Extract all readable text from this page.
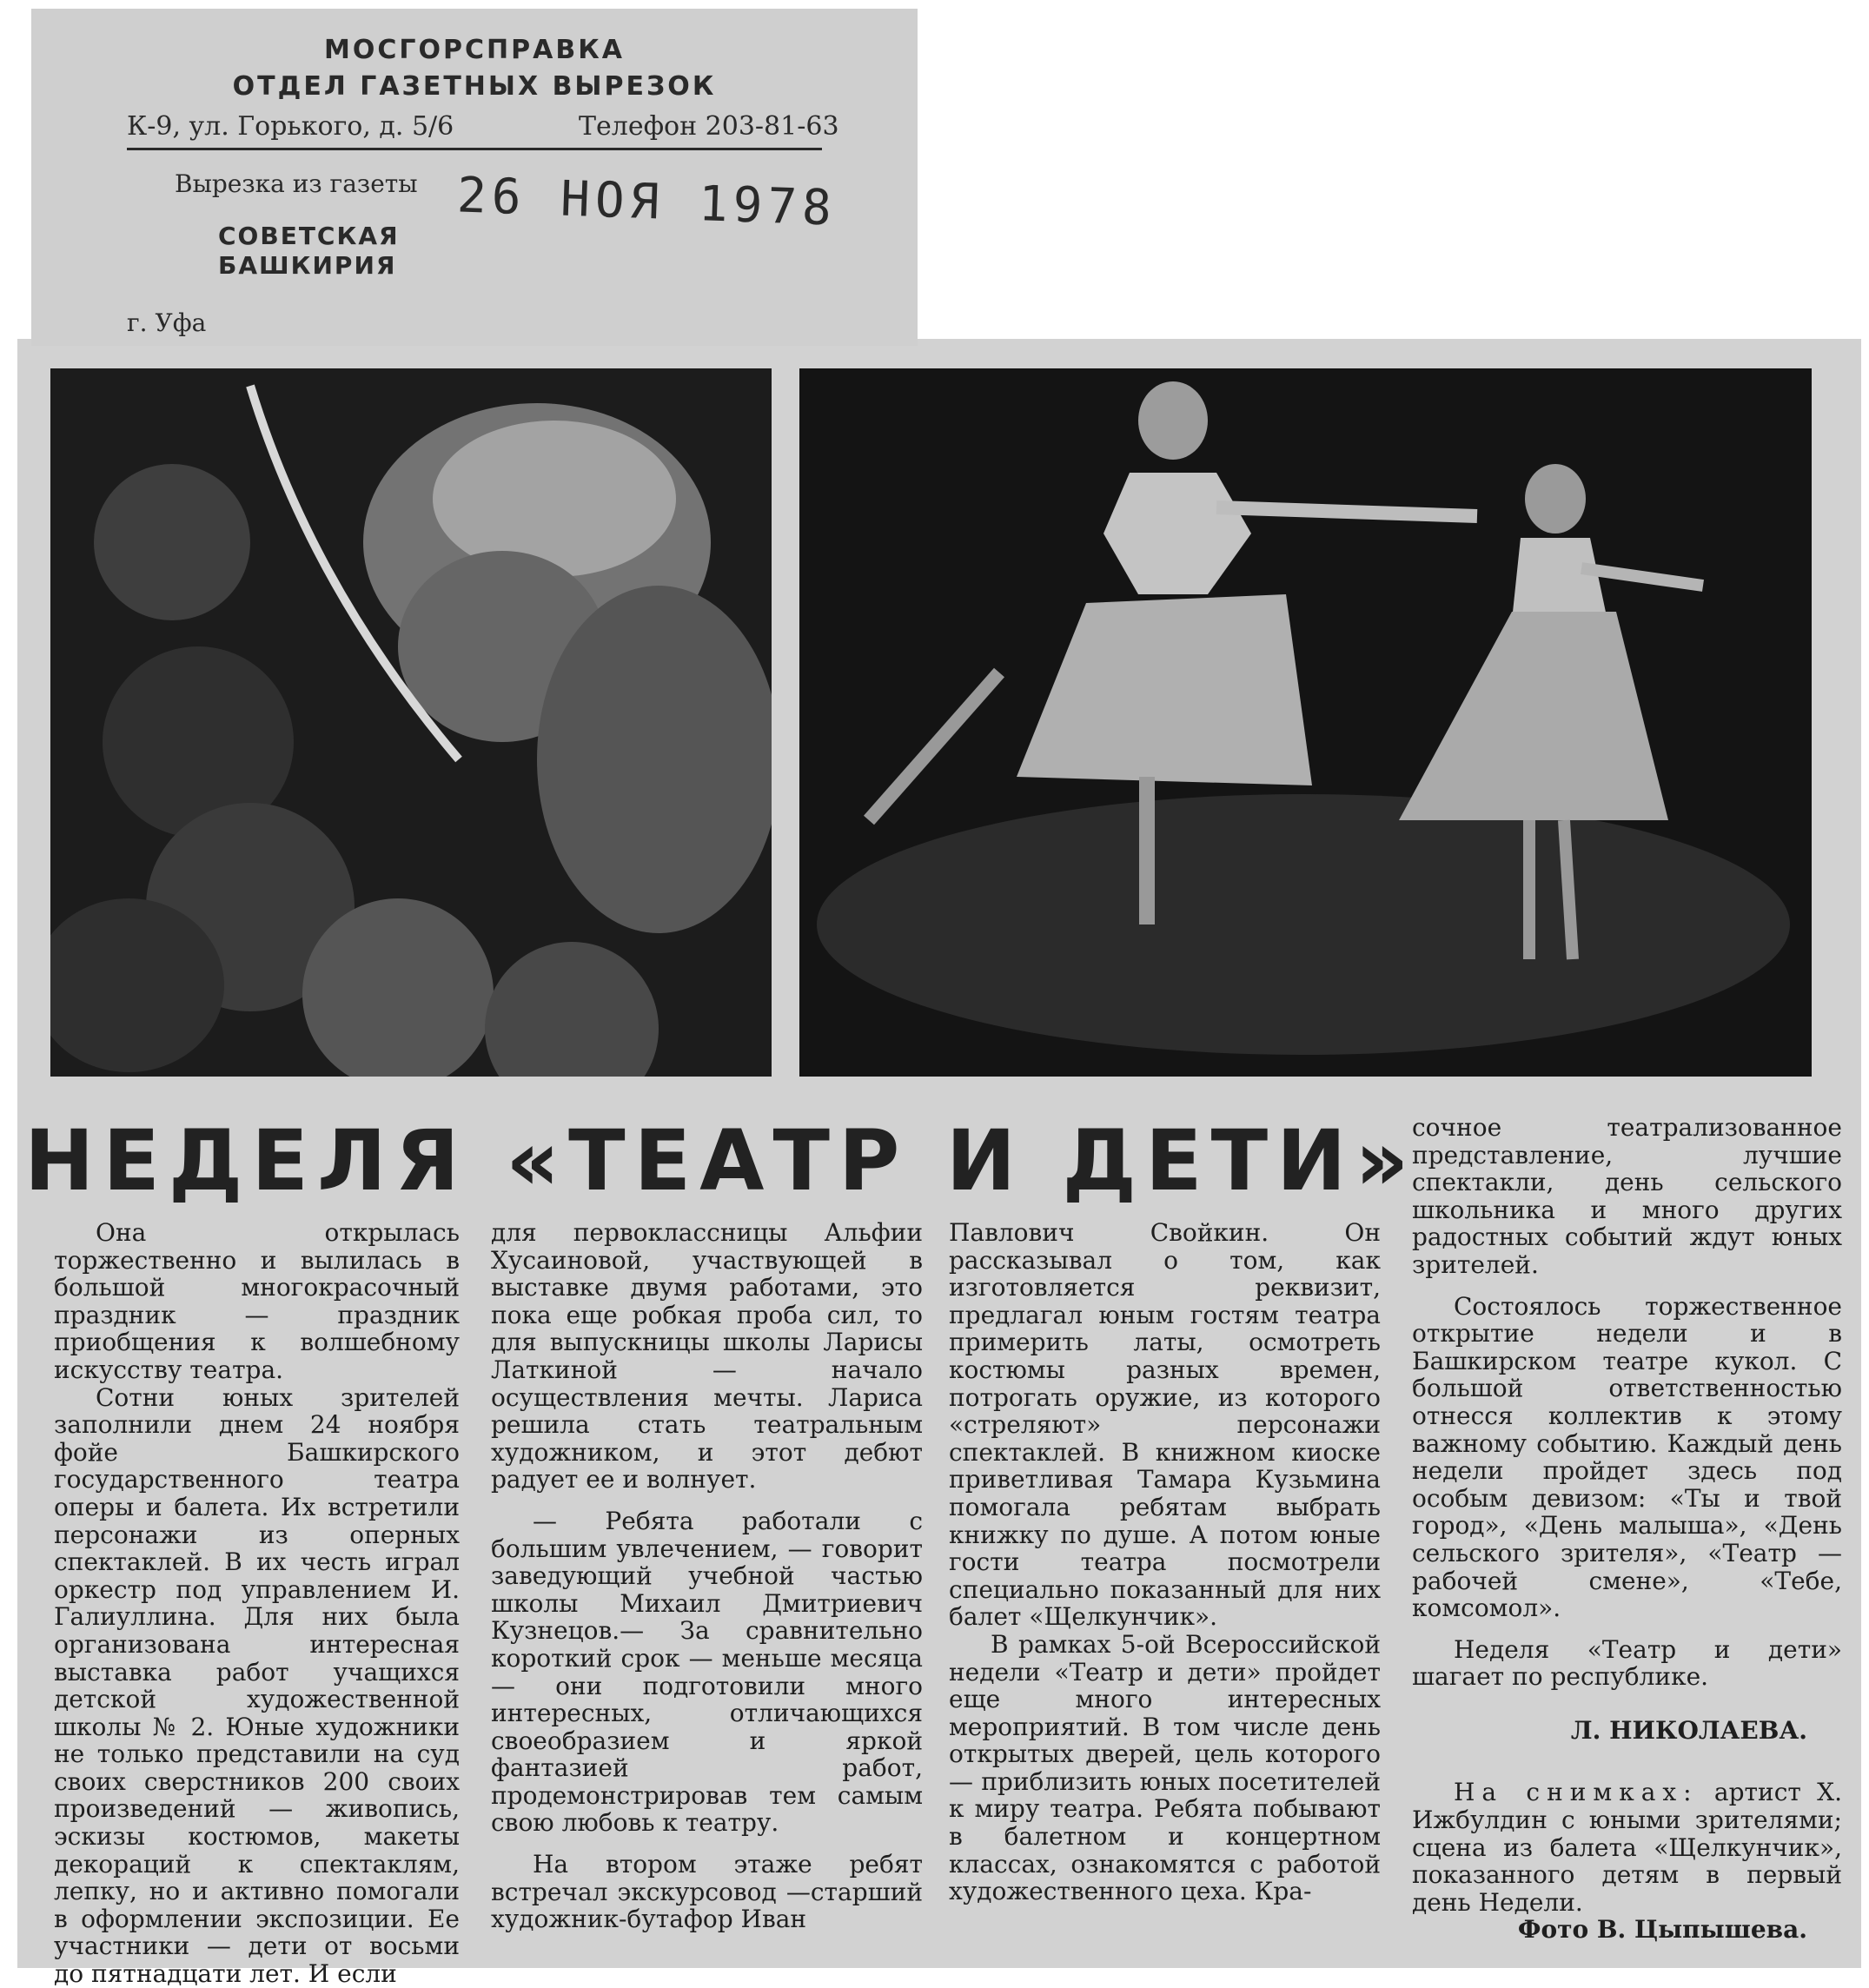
МОСГОРСПРАВКА
ОТДЕЛ ГАЗЕТНЫХ ВЫРЕЗОК
К-9, ул. Горького, д. 5/6	Телефон 203-81-63
Вырезка из газеты 26 НОЯ 1978
СОВЕТСКАЯ
БАШКИРИЯ
г. Уфа
НЕДЕЛЯ «ТЕАТР И ДЕТИ»

Она открылась торжественно и вылилась в большой многокрасочный праздник — праздник приобщения к волшебному искусству театра.

Сотни юных зрителей заполнили днем 24 ноября фойе Башкирского государственного театра оперы и балета. Их встретили персонажи из оперных спектаклей. В их честь играл оркестр под управлением И. Галиуллина. Для них была организована интересная выставка работ учащихся детской художественной школы № 2. Юные художники не только представили на суд своих сверстников 200 своих произведений — живопись, эскизы костюмов, макеты декораций к спектаклям, лепку, но и активно помогали в оформлении экспозиции. Ее участники — дети от восьми до пятнадцати лет. И если

для первоклассницы Альфии Хусаиновой, участвующей в выставке двумя работами, это пока еще робкая проба сил, то для выпускницы школы Ларисы Латкиной — начало осуществления мечты. Лариса решила стать театральным художником, и этот дебют радует ее и волнует.

— Ребята работали с большим увлечением, — говорит заведующий учебной частью школы Михаил Дмитриевич Кузнецов.— За сравнительно короткий срок — меньше месяца — они подготовили много интересных, отличающихся своеобразием и яркой фантазией работ, продемонстрировав тем самым свою любовь к театру.

На втором этаже ребят встречал экскурсовод —старший художник-бутафор Иван

Павлович Свойкин. Он рассказывал о том, как изготовляется реквизит, предлагал юным гостям театра примерить латы, осмотреть костюмы разных времен, потрогать оружие, из которого «стреляют» персонажи спектаклей. В книжном киоске приветливая Тамара Кузьмина помогала ребятам выбрать книжку по душе. А потом юные гости театра посмотрели специально показанный для них балет «Щелкунчик».

В рамках 5-ой Всероссийской недели «Театр и дети» пройдет еще много интересных мероприятий. В том числе день открытых дверей, цель которого — приблизить юных посетителей к миру театра. Ребята побывают в балетном и концертном классах, ознакомятся с работой художественного цеха. Кра-

сочное театрализованное представление, лучшие спектакли, день сельского школьника и много других радостных событий ждут юных зрителей.

Состоялось торжественное открытие недели и в Башкирском театре кукол. С большой ответственностью отнесся коллектив к этому важному событию. Каждый день недели пройдет здесь под особым девизом: «Ты и твой город», «День малыша», «День сельского зрителя», «Театр — рабочей смене», «Тебе, комсомол».

Неделя «Театр и дети» шагает по республике.

Л. НИКОЛАЕВА.

На снимках: артист Х. Ижбулдин с юными зрителями; сцена из балета «Щелкунчик», показанного детям в первый день Недели.

Фото В. Цыпышева.
